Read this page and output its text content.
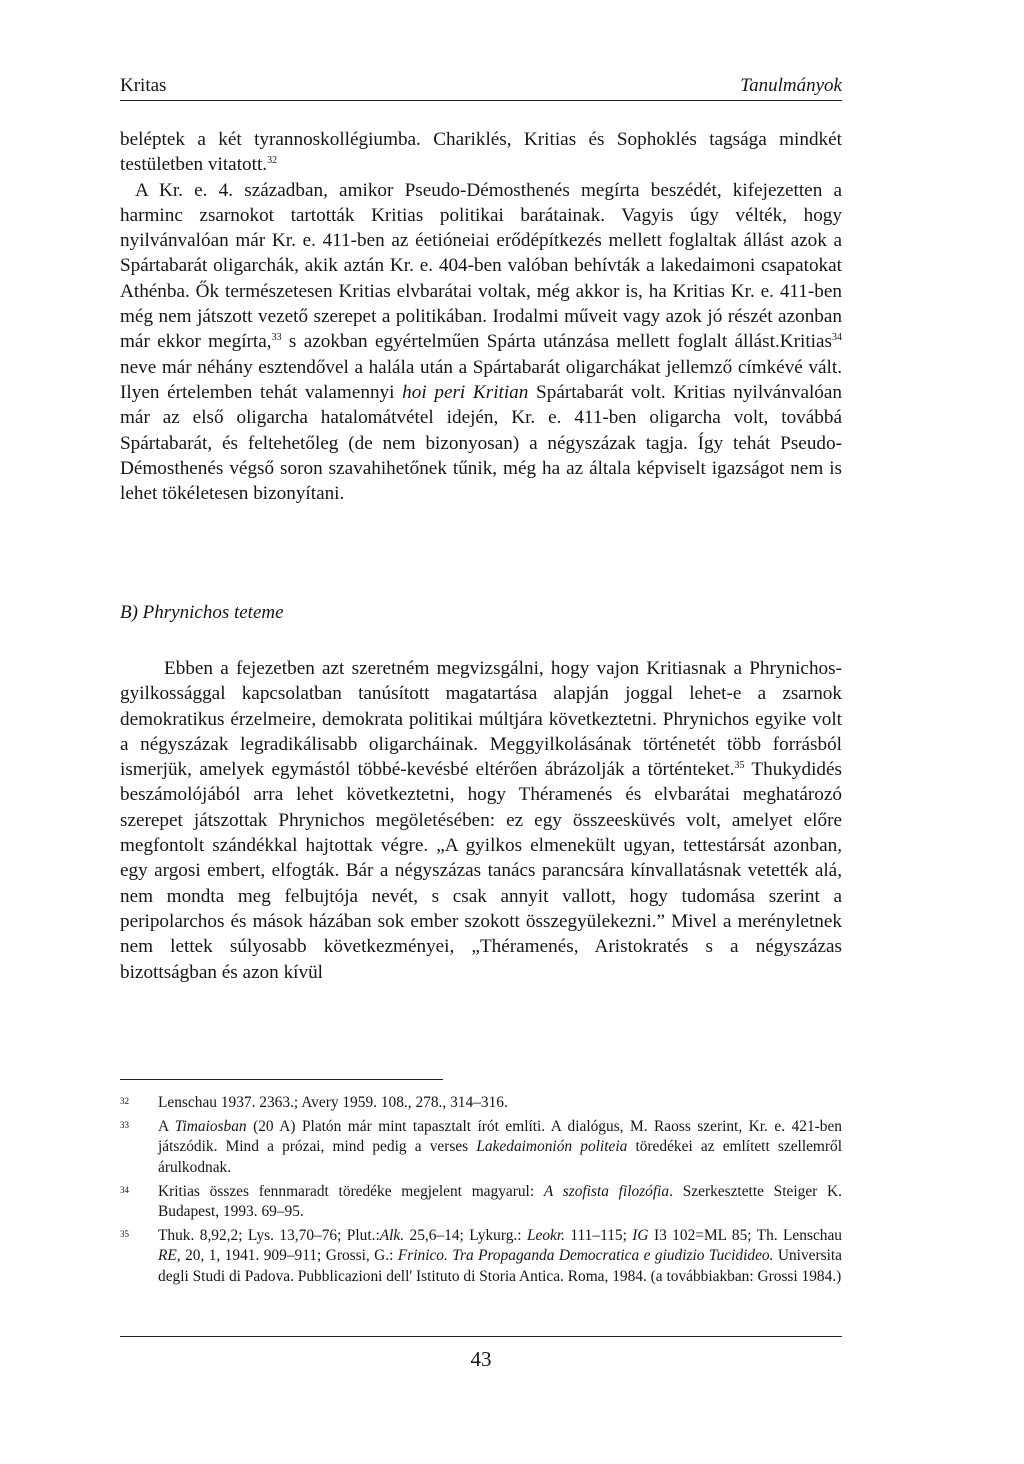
Kritas	Tanulmányok

beléptek a két tyrannoskollégiumba. Chariklés, Kritias és Sophoklés tagsága mindkét testületben vitatott.$^{32}$

A Kr. e. 4. században, amikor Pseudo-Démosthenés megírta beszédét, kifejezetten a harminc zsarnokot tartották Kritias politikai barátainak. Vagyis úgy vélték, hogy nyilvánvalóan már Kr. e. 411-ben az éetióneiai erődépítkezés mellett foglaltak állást azok a Spártabarát oligarchák, akik aztán Kr. e. 404-ben valóban behívták a lakedaimoni csapatokat Athénba. Ők természetesen Kritias elvbarátai voltak, még akkor is, ha Kritias Kr. e. 411-ben még nem játszott vezető szerepet a politikában. Irodalmi műveit vagy azok jó részét azonban már ekkor megírta,$^{33}$ s azokban egyértelműen Spárta utánzása mellett foglalt állást.Kritias$^{34}$ neve már néhány esztendővel a halála után a Spártabarát oligarchákat jellemző címkévé vált. Ilyen értelemben tehát valamennyi hoi peri Kritian Spártabarát volt. Kritias nyilvánvalóan már az első oligarcha hatalomátvétel idején, Kr. e. 411-ben oligarcha volt, továbbá Spártabarát, és feltehetőleg (de nem bizonyosan) a négyszázak tagja. Így tehát Pseudo-Démosthenés végső soron szavahihetőnek tűnik, még ha az általa képviselt igazságot nem is lehet tökéletesen bizonyítani.

B) Phrynichos teteme

Ebben a fejezetben azt szeretném megvizsgálni, hogy vajon Kritiasnak a Phrynichos-gyilkossággal kapcsolatban tanúsított magatartása alapján joggal lehet-e a zsarnok demokratikus érzelmeire, demokrata politikai múltjára következtetni. Phrynichos egyike volt a négyszázak legradikálisabb oligarcháinak. Meggyilkolásának történetét több forrásból ismerjük, amelyek egymástól többé-kevésbé eltérően ábrázolják a történteket.$^{35}$ Thukydidés beszámolójából arra lehet következtetni, hogy Théramenés és elvbarátai meghatározó szerepet játszottak Phrynichos megöletésében: ez egy összeesküvés volt, amelyet előre megfontolt szándékkal hajtottak végre. „A gyilkos elmenekült ugyan, tettestársát azonban, egy argosi embert, elfogták. Bár a négyszázas tanács parancsára kínvallatásnak vetették alá, nem mondta meg felbujtója nevét, s csak annyit vallott, hogy tudomása szerint a peripolarchos és mások házában sok ember szokott összegyülekezni.” Mivel a merényletnek nem lettek súlyosabb következményei, „Théramenés, Aristokratés s a négyszázas bizottságban és azon kívül

32	Lenschau 1937. 2363.; Avery 1959. 108., 278., 314–316.
33	A Timaiosban (20 A) Platón már mint tapasztalt írót említi. A dialógus, M. Raoss szerint, Kr. e. 421-ben játszódik. Mind a prózai, mind pedig a verses Lakedaimonión politeia töredékei az említett szellemről árulkodnak.
34	Kritias összes fennmaradt töredéke megjelent magyarul: A szofista filozófia. Szerkesztette Steiger K. Budapest, 1993. 69–95.
35	Thuk. 8,92,2; Lys. 13,70–76; Plut.:Alk. 25,6–14; Lykurg.: Leokr. 111–115; IG I3 102=ML 85; Th. Lenschau RE, 20, 1, 1941. 909–911; Grossi, G.: Frinico. Tra Propaganda Democratica e giudizio Tucidideo. Universita degli Studi di Padova. Pubblicazioni dell' Istituto di Storia Antica. Roma, 1984. (a továbbiakban: Grossi 1984.)
43
